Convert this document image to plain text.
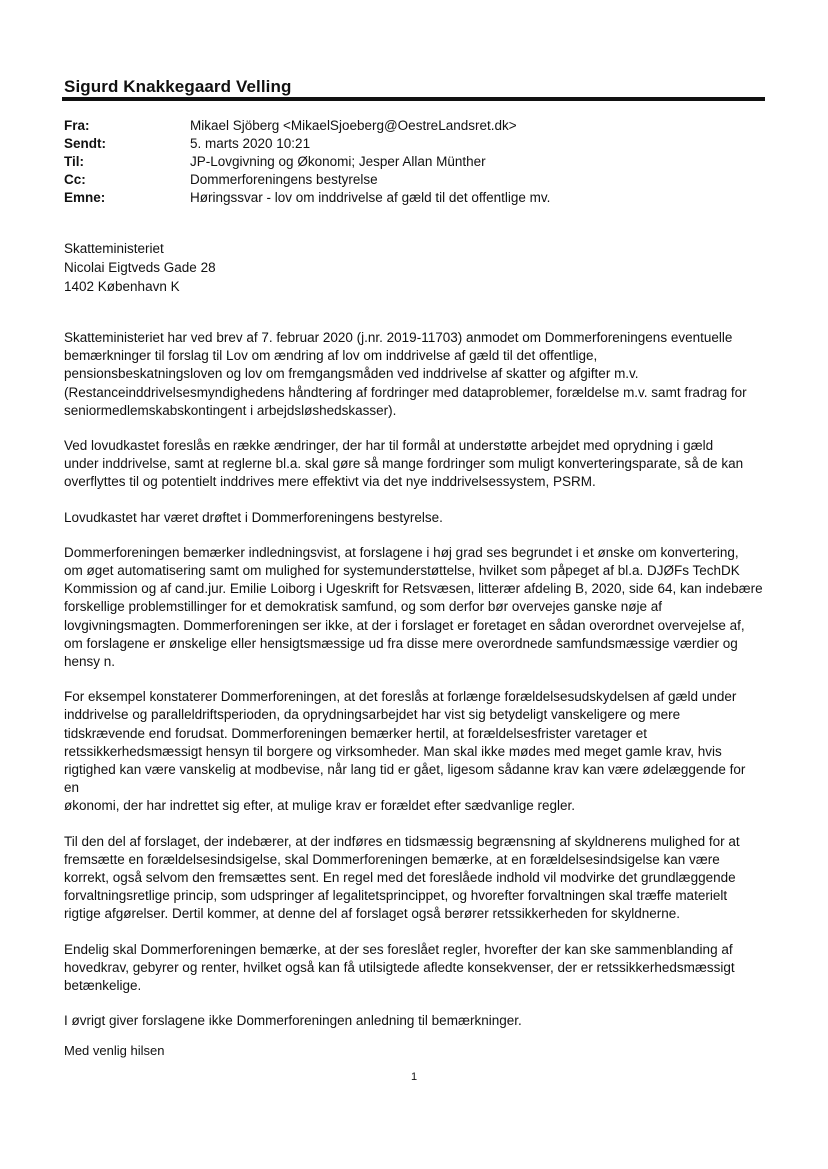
Sigurd Knakkegaard Velling
Fra:	Mikael Sjöberg <MikaelSjoeberg@OestreLandsret.dk>
Sendt:	5. marts 2020 10:21
Til:	JP-Lovgivning og Økonomi; Jesper Allan Münther
Cc:	Dommerforeningens bestyrelse
Emne:	Høringssvar - lov om inddrivelse af gæld til det offentlige mv.
Skatteministeriet
Nicolai Eigtveds Gade 28
1402 København K

Skatteministeriet har ved brev af 7. februar 2020 (j.nr. 2019-11703) anmodet om Dommerforeningens eventuelle
bemærkninger til forslag til Lov om ændring af lov om inddrivelse af gæld til det offentlige,
pensionsbeskatningsloven og lov om fremgangsmåden ved inddrivelse af skatter og afgifter m.v.
(Restanceinddrivelsesmyndighedens håndtering af fordringer med dataproblemer, forældelse m.v. samt fradrag for
seniormedlemskabskontingent i arbejdsløshedskasser).

Ved lovudkastet foreslås en række ændringer, der har til formål at understøtte arbejdet med oprydning i gæld
under inddrivelse, samt at reglerne bl.a. skal gøre så mange fordringer som muligt konverteringsparate, så de kan
overflyttes til og potentielt inddrives mere effektivt via det nye inddrivelsessystem, PSRM.

Lovudkastet har været drøftet i Dommerforeningens bestyrelse.

Dommerforeningen bemærker indledningsvist, at forslagene i høj grad ses begrundet i et ønske om konvertering,
om øget automatisering samt om mulighed for systemunderstøttelse, hvilket som påpeget af bl.a. DJØFs TechDK
Kommission og af cand.jur. Emilie Loiborg i Ugeskrift for Retsvæsen, litterær afdeling B, 2020, side 64, kan indebære
forskellige problemstillinger for et demokratisk samfund, og som derfor bør overvejes ganske nøje af
lovgivningsmagten. Dommerforeningen ser ikke, at der i forslaget er foretaget en sådan overordnet overvejelse af,
om forslagene er ønskelige eller hensigtsmæssige ud fra disse mere overordnede samfundsmæssige værdier og
hensy n.

For eksempel konstaterer Dommerforeningen, at det foreslås at forlænge forældelsesudskydelsen af gæld under
inddrivelse og paralleldriftsperioden, da oprydningsarbejdet har vist sig betydeligt vanskeligere og mere
tidskrævende end forudsat. Dommerforeningen bemærker hertil, at forældelsesfrister varetager et
retssikkerhedsmæssigt hensyn til borgere og virksomheder. Man skal ikke mødes med meget gamle krav, hvis
rigtighed kan være vanskelig at modbevise, når lang tid er gået, ligesom sådanne krav kan være ødelæggende for en
økonomi, der har indrettet sig efter, at mulige krav er forældet efter sædvanlige regler.

Til den del af forslaget, der indebærer, at der indføres en tidsmæssig begrænsning af skyldnerens mulighed for at
fremsætte en forældelsesindsigelse, skal Dommerforeningen bemærke, at en forældelsesindsigelse kan være
korrekt, også selvom den fremsættes sent. En regel med det foreslåede indhold vil modvirke det grundlæggende
forvaltningsretlige princip, som udspringer af legalitetsprincippet, og hvorefter forvaltningen skal træffe materielt
rigtige afgørelser. Dertil kommer, at denne del af forslaget også berører retssikkerheden for skyldnerne.

Endelig skal Dommerforeningen bemærke, at der ses foreslået regler, hvorefter der kan ske sammenblanding af
hovedkrav, gebyrer og renter, hvilket også kan få utilsigtede afledte konsekvenser, der er retssikkerhedsmæssigt
betænkelige.

I øvrigt giver forslagene ikke Dommerforeningen anledning til bemærkninger.

Med venlig hilsen
1
